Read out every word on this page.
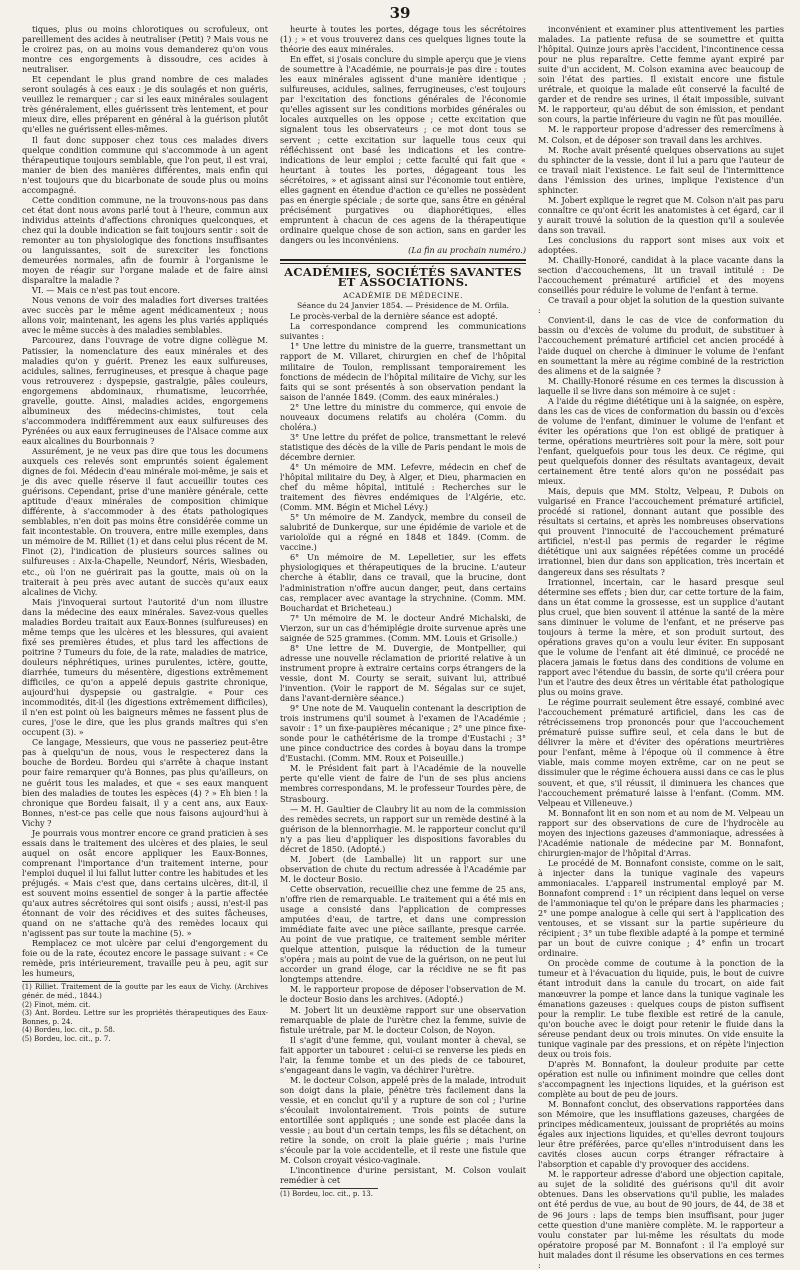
39

tiques, plus ou moins chlorotiques ou scrofuleux, ont pareillement des acides à neutraliser (Petit) ? Mais vous ne le croirez pas, on au moins vous demanderez qu'on vous montre ces engorgements à dissoudre, ces acides à neutraliser.

Et cependant le plus grand nombre de ces malades seront soulagés à ces eaux : je dis soulagés et non guéris, veuillez le remarquer ; car si les eaux minérales soulagent très généralement, elles guérissent très lentement, et pour mieux dire, elles préparent en général à la guérison plutôt qu'elles ne guérissent elles-mêmes.

Il faut donc supposer chez tous ces malades divers quelque condition commune qui s'accommode à un agent thérapeutique toujours semblable, que l'on peut, il est vrai, manier de bien des manières différentes, mais enfin qui n'est toujours que du bicarbonate de soude plus ou moins accompagné.

Cette condition commune, ne la trouvons-nous pas dans cet état dont nous avons parlé tout à l'heure, commun aux individus atteints d'affections chroniques quelconques, et chez qui la double indication se fait toujours sentir : soit de remonter au ton physiologique des fonctions insuffisantes ou languissantes, soit de surexciter les fonctions demeurées normales, afin de fournir à l'organisme le moyen de réagir sur l'organe malade et de faire ainsi disparaître la maladie ?

VI. — Mais ce n'est pas tout encore.

Nous venons de voir des maladies fort diverses traitées avec succès par le même agent médicamenteux ; nous allons voir, maintenant, les agens les plus variés appliqués avec le même succès à des maladies semblables.

Parcourez, dans l'ouvrage de votre digne collègue M. Patissier, la nomenclature des eaux minérales et des maladies qu'on y guérit. Prenez les eaux sulfureuses, acidules, salines, ferrugineuses, et presque à chaque page vous retrouverez : dyspepsie, gastralgie, pâles couleurs, engorgemens abdominaux, rhumatisme, leucorrhée, gravelle, goutte. Ainsi, maladies acides, engorgemens albumineux des médecins-chimistes, tout cela s'accommodera indifféremment aux eaux sulfureuses des Pyrénées ou aux eaux ferrugineuses de l'Alsace comme aux eaux alcalines du Bourbonnais ?

Assurément, je ne veux pas dire que tous les documens auxquels ces relevés sont empruntés soient également dignes de foi. Médecin d'eau minérale moi-même, je sais et je dis avec quelle réserve il faut accueillir toutes ces guérisons. Cependant, prise d'une manière générale, cette aptitude d'eaux minérales de composition chimique différente, à s'accommoder à des états pathologiques semblables, n'en doit pas moins être considérée comme un fait incontestable. On trouvera, entre mille exemples, dans un mémoire de M. Rilliet (1) et dans celui plus récent de M. Finot (2), l'indication de plusieurs sources salines ou sulfureuses : Aix-la-Chapelle, Neundorf, Néris, Wiesbaden, etc., où l'on ne guérirait pas la goutte, mais où on la traiterait à peu près avec autant de succès qu'aux eaux alcalines de Vichy.

Mais j'invoquerai surtout l'autorité d'un nom illustre dans la médecine des eaux minérales. Savez-vous quelles maladies Bordeu traitait aux Eaux-Bonnes (sulfureuses) en même temps que les ulcères et les blessures, qui avaient fixé ses premières études, et plus tard les affections de poitrine ? Tumeurs du foie, de la rate, maladies de matrice, douleurs néphrétiques, urines purulentes, ictère, goutte, diarrhée, tumeurs du mésentère, digestions extrêmement difficiles, ce qu'on a appelé depuis gastrite chronique, aujourd'hui dyspepsie ou gastralgie. « Pour ces incommodités, dit-il (les digestions extrêmement difficiles), il n'en est point où les baigneurs mêmes ne fassent plus de cures, j'ose le dire, que les plus grands maîtres qui s'en occupent (3). »

Ce langage, Messieurs, que vous ne passeriez peut-être pas à quelqu'un de nous, vous le respecterez dans la bouche de Bordeu. Bordeu qui s'arrête à chaque instant pour faire remarquer qu'à Bonnes, pas plus qu'ailleurs, on ne guérit tous les malades, et que « ses eaux manquent bien des maladies de toutes les espèces (4) ? » Eh bien ! la chronique que Bordeu faisait, il y a cent ans, aux Eaux-Bonnes, n'est-ce pas celle que nous faisons aujourd'hui à Vichy ?

Je pourrais vous montrer encore ce grand praticien à ses essais dans le traitement des ulcères et des plaies, le seul auquel on osât encore appliquer les Eaux-Bonnes, comprenant l'importance d'un traitement interne, pour l'emploi duquel il lui fallut lutter contre les habitudes et les préjugés. « Mais c'est que, dans certains ulcères, dit-il, il est souvent moins essentiel de songer à la partie affectée qu'aux autres sécrétoires qui sont oisifs ; aussi, n'est-il pas étonnant de voir des récidives et des suites fâcheuses, quand on ne s'attache qu'à des remèdes locaux qui n'agissent pas sur toute la machine (5). »

Remplacez ce mot ulcère par celui d'engorgement du foie ou de la rate, écoutez encore le passage suivant : « Ce remède, pris intérieurement, travaille peu à peu, agit sur les humeurs,

(1) Rilliet. Traitement de la goutte par les eaux de Vichy. (Archives génér. de méd., 1844.)

(2) Finot, mém. cit.

(3) Ant. Bordeu. Lettre sur les propriétés thérapeutiques des Eaux-Bonnes, p. 24.

(4) Bordeu, loc. cit., p. 58.

(5) Bordeu, loc. cit., p. 7.

heurte à toutes les portes, dégage tous les sécrétoires (1) ; » et vous trouverez dans ces quelques lignes toute la théorie des eaux minérales.

En effet, si j'osais conclure du simple aperçu que je viens de soumettre à l'Académie, ne pourrais-je pas dire : toutes les eaux minérales agissent d'une manière identique ; sulfureuses, acidules, salines, ferrugineuses, c'est toujours par l'excitation des fonctions générales de l'économie qu'elles agissent sur les conditions morbides générales ou locales auxquelles on les oppose ; cette excitation que signalent tous les observateurs ; ce mot dont tous se servent ; cette excitation sur laquelle tous ceux qui réfléchissent ont basé les indications et les contre-indications de leur emploi ; cette faculté qui fait que « heurtant à toutes les portes, dégageant tous les sécrétoires, » et agissant ainsi sur l'économie tout entière, elles gagnent en étendue d'action ce qu'elles ne possèdent pas en énergie spéciale ; de sorte que, sans être en général précisément purgatives ou diaphorétiques, elles empruntent à chacun de ces agens de la thérapeutique ordinaire quelque chose de son action, sans en garder les dangers ou les inconvéniens.

(La fin au prochain numéro.)

ACADÉMIES, SOCIÉTÉS SAVANTES ET ASSOCIATIONS.

ACADÉMIE DE MÉDECINE.

Séance du 24 Janvier 1854. — Présidence de M. Orfila.

Le procès-verbal de la dernière séance est adopté.

La correspondance comprend les communications suivantes :

1° Une lettre du ministre de la guerre, transmettant un rapport de M. Villaret, chirurgien en chef de l'hôpital militaire de Toulon, remplissant temporairement les fonctions de médecin de l'hôpital militaire de Vichy, sur les faits qui se sont présentés à son observation pendant la saison de l'année 1849. (Comm. des eaux minérales.)

2° Une lettre du ministre du commerce, qui envoie de nouveaux documens relatifs au choléra (Comm. du choléra.)

3° Une lettre du préfet de police, transmettant le relevé statistique des décès de la ville de Paris pendant le mois de décembre dernier.

4° Un mémoire de MM. Lefevre, médecin en chef de l'hôpital militaire du Dey, à Alger, et Dieu, pharmacien en chef du même hôpital, intitulé : Recherches sur le traitement des fièvres endémiques de l'Algérie, etc. (Comm. MM. Bégin et Michel Lévy.)

5° Un mémoire de M. Zandyck, membre du conseil de salubrité de Dunkerque, sur une épidémie de variole et de varioloïde qui a régné en 1848 et 1849. (Comm. de vaccine.)

6° Un mémoire de M. Lepelletier, sur les effets physiologiques et thérapeutiques de la brucine. L'auteur cherche à établir, dans ce travail, que la brucine, dont l'administration n'offre aucun danger, peut, dans certains cas, remplacer avec avantage la strychnine. (Comm. MM. Bouchardat et Bricheteau.)

7° Un mémoire de M. le docteur André Michalski, de Vierzon, sur un cas d'hémiplégie droite survenue après une saignée de 525 grammes. (Comm. MM. Louis et Grisolle.)

8° Une lettre de M. Duvergie, de Montpellier, qui adresse une nouvelle réclamation de priorité relative à un instrument propre à extraire certains corps étrangers de la vessie, dont M. Courty se serait, suivant lui, attribué l'invention. (Voir le rapport de M. Ségalas sur ce sujet, dans l'avant-dernière séance.)

9° Une note de M. Vauquelin contenant la description de trois instrumens qu'il soumet à l'examen de l'Académie ; savoir : 1° un fixe-paupières mécanique ; 2° une pince fixe-sonde pour le cathétérisme de la trompe d'Eustachi ; 3° une pince conductrice des cordes à boyau dans la trompe d'Eustachi. (Comm. MM. Roux et Poiseuille.)

M. le Président fait part à l'Académie de la nouvelle perte qu'elle vient de faire de l'un de ses plus anciens membres correspondans, M. le professeur Tourdes père, de Strasbourg.

— M. H. Gaultier de Claubry lit au nom de la commission des remèdes secrets, un rapport sur un remède destiné à la guérison de la blennorrhagie. M. le rapporteur conclut qu'il n'y a pas lieu d'appliquer les dispositions favorables du décret de 1850. (Adopté.)

M. Jobert (de Lamballe) lit un rapport sur une observation de chute du rectum adressée à l'Académie par M. le docteur Bosio.

Cette observation, recueillie chez une femme de 25 ans, n'offre rien de remarquable. Le traitement qui a été mis en usage a consisté dans l'application de compresses amputées d'eau, de tartre, et dans une compression immédiate faite avec une pièce saillante, presque carrée. Au point de vue pratique, ce traitement semble mériter quelque attention, puisque la réduction de la tumeur s'opéra ; mais au point de vue de la guérison, on ne peut lui accorder un grand éloge, car la récidive ne se fit pas longtemps attendre.

M. le rapporteur propose de déposer l'observation de M. le docteur Bosio dans les archives. (Adopté.)

M. Jobert lit un deuxième rapport sur une observation remarquable de plaie de l'urètre chez la femme, suivie de fistule urétrale, par M. le docteur Colson, de Noyon.

Il s'agit d'une femme, qui, voulant monter à cheval, se fait apporter un tabouret : celui-ci se renverse les pieds en l'air, la femme tombe et un des pieds de ce tabouret, s'engageant dans le vagin, va déchirer l'urètre.

M. le docteur Colson, appelé près de la malade, introduit son doigt dans la plaie, pénètre très facilement dans la vessie, et en conclut qu'il y a rupture de son col ; l'urine s'écoulait involontairement. Trois points de suture entortillée sont appliqués ; une sonde est placée dans la vessie ; au bout d'un certain temps, les fils se détachent, on retire la sonde, on croit la plaie guérie ; mais l'urine s'écoule par la voie accidentelle, et il reste une fistule que M. Colson croyait vésico-vaginale.

L'incontinence d'urine persistant, M. Colson voulait remédier à cet

(1) Bordeu, loc. cit., p. 13.

inconvénient et examiner plus attentivement les parties malades. La patiente refusa de se soumettre et quitta l'hôpital. Quinze jours après l'accident, l'incontinence cessa pour ne plus reparaître. Cette femme ayant expiré par suite d'un accident, M. Colson examina avec beaucoup de soin l'état des parties. Il existait encore une fistule urétrale, et quoique la malade eût conservé la faculté de garder et de rendre ses urines, il était impossible, suivant M. le rapporteur, qu'au début de son émission, et pendant son cours, la partie inférieure du vagin ne fût pas mouillée.

M. le rapporteur propose d'adresser des remercîmens à M. Colson, et de déposer son travail dans les archives.

M. Roche avait présenté quelques observations au sujet du sphincter de la vessie, dont il lui a paru que l'auteur de ce travail niait l'existence. Le fait seul de l'intermittence dans l'émission des urines, implique l'existence d'un sphincter.

M. Jobert explique le regret que M. Colson n'ait pas paru connaître ce qu'ont écrit les anatomistes à cet égard, car il y aurait trouvé la solution de la question qu'il a soulevée dans son travail.

Les conclusions du rapport sont mises aux voix et adoptées.

M. Chailly-Honoré, candidat à la place vacante dans la section d'accouchemens, lit un travail intitulé : De l'accouchement prématuré artificiel et des moyens conseillés pour réduire le volume de l'enfant à terme.

Ce travail a pour objet la solution de la question suivante :

Convient-il, dans le cas de vice de conformation du bassin ou d'excès de volume du produit, de substituer à l'accouchement prématuré artificiel cet ancien procédé à l'aide duquel on cherche à diminuer le volume de l'enfant en soumettant la mère au régime combiné de la restriction des alimens et de la saignée ?

M. Chailly-Honoré résume en ces termes la discussion à laquelle il se livre dans son mémoire à ce sujet :

A l'aide du régime diététique uni à la saignée, on espère, dans les cas de vices de conformation du bassin ou d'excès de volume de l'enfant, diminuer le volume de l'enfant et éviter les opérations que l'on est obligé de pratiquer à terme, opérations meurtrières soit pour la mère, soit pour l'enfant, quelquefois pour tous les deux. Ce régime, qui peut quelquefois donner des résultats avantageux, devait certainement être tenté alors qu'on ne possédait pas mieux.

Mais, depuis que MM. Stoltz, Velpeau, P. Dubois on vulgarisé en France l'accouchement prématuré artificiel, procédé si rationel, donnant autant que possible des résultats si certains, et après les nombreuses observations qui prouvent l'innocuité de l'accouchement prématuré artificiel, n'est-il pas permis de regarder le régime diététique uni aux saignées répétées comme un procédé irrationnel, bien dur dans son application, très incertain et dangereux dans ses résultats ?

Irrationnel, incertain, car le hasard presque seul détermine ses effets ; bien dur, car cette torture de la faim, dans un état comme la grossesse, est un supplice d'autant plus cruel, que bien souvent il atténue la santé de la mère sans diminuer le volume de l'enfant, et ne préserve pas toujours à terme la mère, et son produit surtout, des opérations graves qu'on a voulu leur éviter. En supposant que le volume de l'enfant ait été diminué, ce procédé ne placera jamais le fœtus dans des conditions de volume en rapport avec l'étendue du bassin, de sorte qu'il créera pour l'un et l'autre des deux êtres un véritable état pathologique plus ou moins grave.

Le régime pourrait seulement être essayé, combiné avec l'accouchement prématuré artificiel, dans les cas de rétrécissemens trop prononcés pour que l'accouchement prématuré puisse suffire seul, et cela dans le but de délivrer la mère et d'éviter des opérations meurtrières pour l'enfant, même à l'époque où il commence à être viable, mais comme moyen extrême, car on ne peut se dissimuler que le régime échouera aussi dans ce cas le plus souvent, et que, s'il réussit, il diminuera les chances que l'accouchement prématuré laisse à l'enfant. (Comm. MM. Velpeau et Villeneuve.)

M. Bonnafont lit en son nom et au nom de M. Velpeau un rapport sur des observations de cure de l'hydrocèle au moyen des injections gazeuses d'ammoniaque, adressées à l'Académie nationale de médecine par M. Bonnafont, chirurgien-major de l'hôpital d'Arras.

Le procédé de M. Bonnafont consiste, comme on le sait, à injecter dans la tunique vaginale des vapeurs ammoniacales. L'appareil instrumental employé par M. Bonnafont comprend : 1° un récipient dans lequel on verse de l'ammoniaque tel qu'on le prépare dans les pharmacies ; 2° une pompe analogue à celle qui sert à l'application des ventouses, et se vissant sur la partie supérieure du récipient ; 3° un tube flexible adapté à la pompe et terminé par un bout de cuivre conique ; 4° enfin un trocart ordinaire.

On procède comme de coutume à la ponction de la tumeur et à l'évacuation du liquide, puis, le bout de cuivre étant introduit dans la canule du trocart, on aide fait manœuvrer la pompe et lance dans la tunique vaginale les émanations gazeuses : quelques coups de piston suffisent pour la remplir. Le tube flexible est retiré de la canule, qu'on bouche avec le doigt pour retenir le fluide dans la séreuse pendant deux ou trois minutes. On vide ensuite la tunique vaginale par des pressions, et on répète l'injection deux ou trois fois.

D'après M. Bonnafont, la douleur produite par cette opération est nulle ou infiniment moindre que celles dont s'accompagnent les injections liquides, et la guérison est complète au bout de peu de jours.

M. Bonnafont conclut, des observations rapportées dans son Mémoire, que les insufflations gazeuses, chargées de principes médicamenteux, jouissant de propriétés au moins égales aux injections liquides, et qu'elles devront toujours leur être préférées, parce qu'elles n'introduisent dans les cavités closes aucun corps étranger réfractaire à l'absorption et capable d'y provoquer des accidens.

M. le rapporteur adresse d'abord une objection capitale, au sujet de la solidité des guérisons qu'il dit avoir obtenues. Dans les observations qu'il publie, les malades ont été perdus de vue, au bout de 90 jours, de 44, de 38 et de 96 jours : laps de temps bien insuffisant, pour juger cette question d'une manière complète. M. le rapporteur a voulu constater par lui-même les résultats du mode opératoire proposé par M. Bonnafont : il l'a employé sur huit malades dont il résume les observations en ces termes :
